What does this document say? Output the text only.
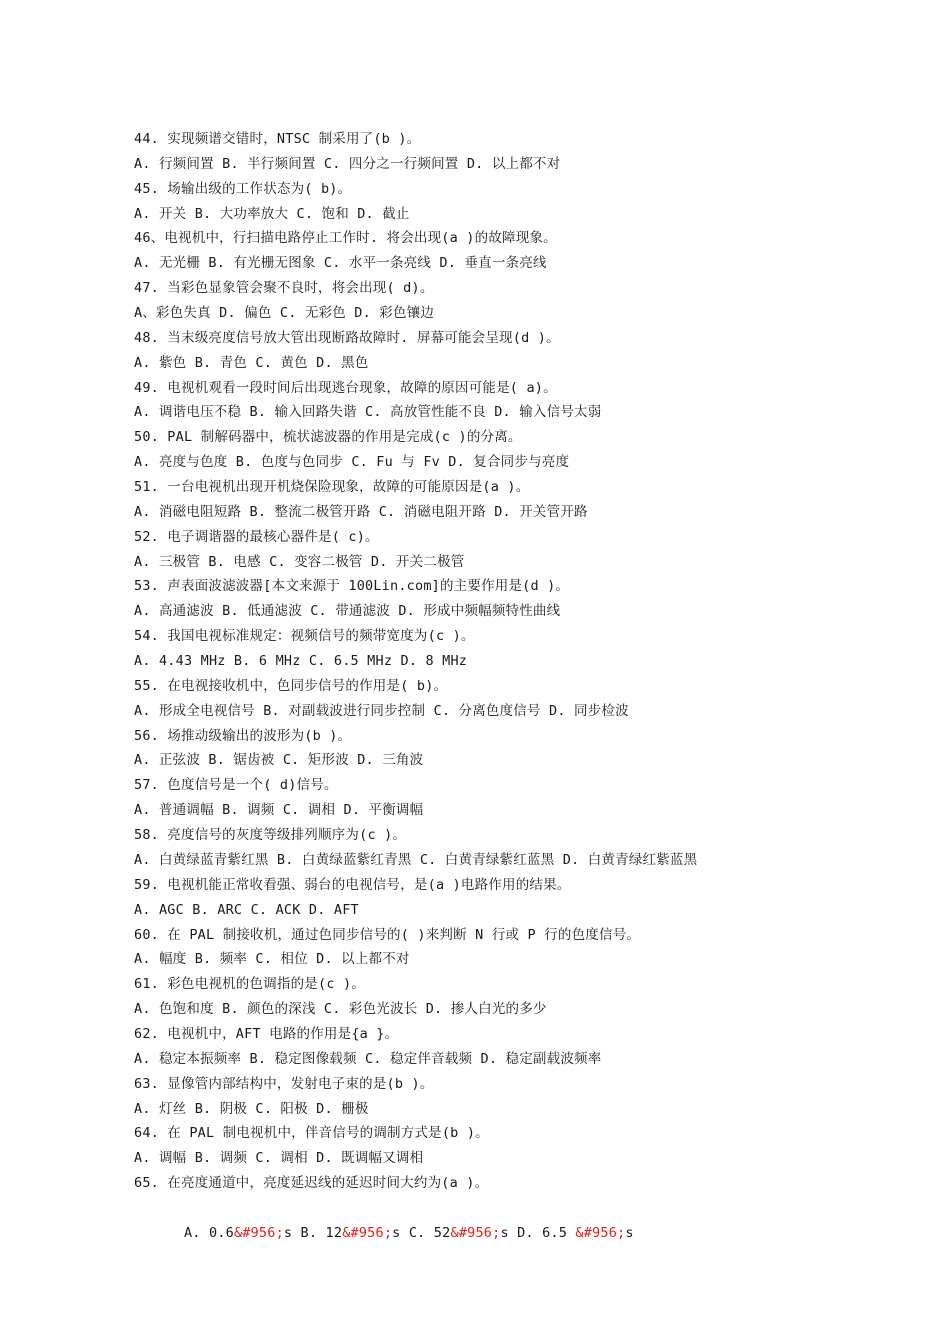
44. 实现频谱交错时，NTSC 制采用了(b )。
A. 行频间置 B. 半行频间置 C. 四分之一行频间置 D. 以上都不对
45. 场输出级的工作状态为( b)。
A. 开关 B. 大功率放大 C. 饱和 D. 截止
46、电视机中，行扫描电路停止工作时. 将会出现(a )的故障现象。
A. 无光栅 B. 有光栅无图象 C. 水平一条亮线 D. 垂直一条亮线
47. 当彩色显象管会聚不良时，将会出现( d)。
A、彩色失真 D. 偏色 C. 无彩色 D. 彩色镶边
48. 当末级亮度信号放大管出现断路故障时. 屏幕可能会呈现(d )。
A. 紫色 B. 青色 C. 黄色 D. 黑色
49. 电视机观看一段时间后出现逃台现象，故障的原因可能是( a)。
A. 调谐电压不稳 B. 输入回路失谐 C. 高放管性能不良 D. 输入信号太弱
50. PAL 制解码器中，梳状滤波器的作用是完成(c )的分离。
A. 亮度与色度 B. 色度与色同步 C. Fu 与 Fv D. 复合同步与亮度
51. 一台电视机出现开机烧保险现象，故障的可能原因是(a )。
A. 消磁电阻短路 B. 整流二极管开路 C. 消磁电阻开路 D. 开关管开路
52. 电子调谐器的最核心器件是( c)。
A. 三极管 B. 电感 C. 变容二极管 D. 开关二极管
53. 声表面波滤波器[本文来源于 100Lin.com]的主要作用是(d )。
A. 高通滤波 B. 低通滤波 C. 带通滤波 D. 形成中频幅频特性曲线
54. 我国电视标准规定：视频信号的频带宽度为(c )。
A. 4.43 MHz B. 6 MHz C. 6.5 MHz D. 8 MHz
55. 在电视接收机中，色同步信号的作用是( b)。
A. 形成全电视信号 B. 对副载波进行同步控制 C. 分离色度信号 D. 同步检波
56. 场推动级输出的波形为(b )。
A. 正弦波 B. 锯齿被 C. 矩形波 D. 三角波
57. 色度信号是一个( d)信号。
A. 普通调幅 B. 调频 C. 调相 D. 平衡调幅
58. 亮度信号的灰度等级排列顺序为(c )。
A. 白黄绿蓝青紫红黑 B. 白黄绿蓝紫红青黑 C. 白黄青绿紫红蓝黑 D. 白黄青绿红紫蓝黑
59. 电视机能正常收看强、弱台的电视信号，是(a )电路作用的结果。
A. AGC B. ARC C. ACK D. AFT
60. 在 PAL 制接收机，通过色同步信号的( )来判断 N 行或 P 行的色度信号。
A. 幅度 B. 频率 C. 相位 D. 以上都不对
61. 彩色电视机的色调指的是(c )。
A. 色饱和度 B. 颜色的深浅 C. 彩色光波长 D. 掺人白光的多少
62. 电视机中，AFT 电路的作用是{a }。
A. 稳定本振频率 B. 稳定图像载频 C. 稳定伴音载频 D. 稳定副载波频率
63. 显像管内部结构中，发射电子束的是(b )。
A. 灯丝 B. 阴极 C. 阳极 D. 栅极
64. 在 PAL 制电视机中，伴音信号的调制方式是(b )。
A. 调幅 B. 调频 C. 调相 D. 既调幅又调相
65. 在亮度通道中，亮度延迟线的延迟时间大约为(a )。

A. 0.6&#956;s B. 12&#956;s C. 52&#956;s D. 6.5 &#956;s
